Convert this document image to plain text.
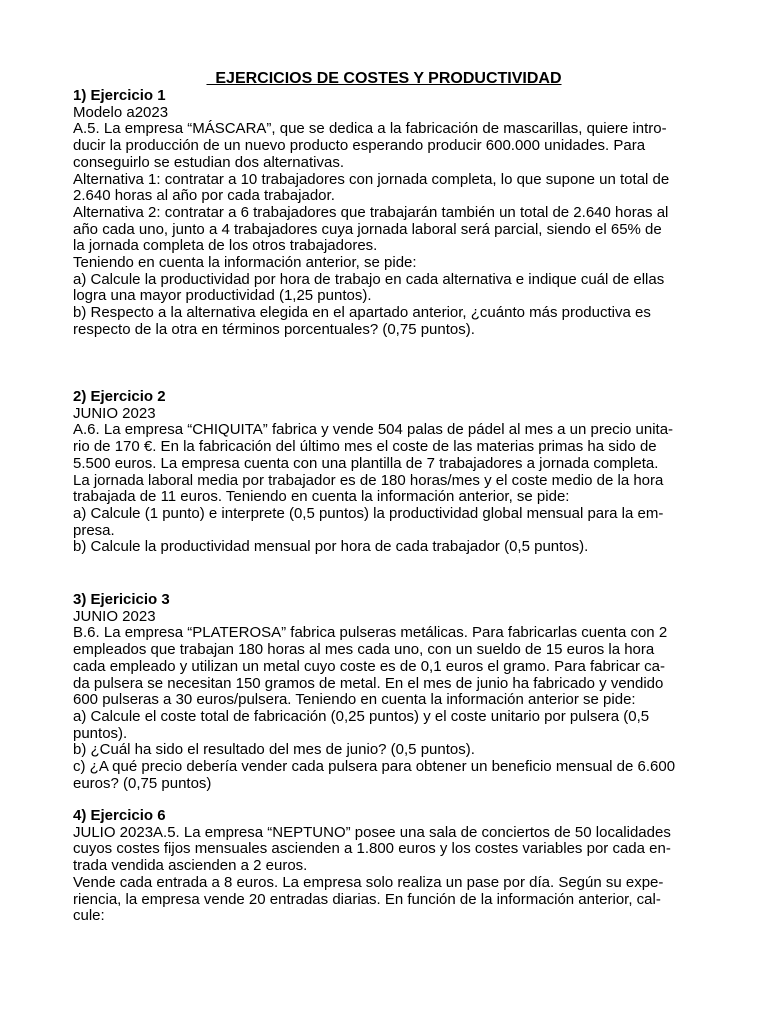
EJERCICIOS DE COSTES Y PRODUCTIVIDAD
1) Ejercicio 1
Modelo a2023
A.5. La empresa “MÁSCARA”, que se dedica a la fabricación de mascarillas, quiere intro-
ducir la producción de un nuevo producto esperando producir 600.000 unidades. Para
conseguirlo se estudian dos alternativas.
Alternativa 1: contratar a 10 trabajadores con jornada completa, lo que supone un total de
2.640 horas al año por cada trabajador.
Alternativa 2: contratar a 6 trabajadores que trabajarán también un total de 2.640 horas al
año cada uno, junto a 4 trabajadores cuya jornada laboral será parcial, siendo el 65% de
la jornada completa de los otros trabajadores.
Teniendo en cuenta la información anterior, se pide:
a) Calcule la productividad por hora de trabajo en cada alternativa e indique cuál de ellas
logra una mayor productividad (1,25 puntos).
b) Respecto a la alternativa elegida en el apartado anterior, ¿cuánto más productiva es
respecto de la otra en términos porcentuales? (0,75 puntos).
2) Ejercicio 2
JUNIO 2023
A.6. La empresa “CHIQUITA” fabrica y vende 504 palas de pádel al mes a un precio unita-
rio de 170 €. En la fabricación del último mes el coste de las materias primas ha sido de
5.500 euros. La empresa cuenta con una plantilla de 7 trabajadores a jornada completa.
La jornada laboral media por trabajador es de 180 horas/mes y el coste medio de la hora
trabajada de 11 euros. Teniendo en cuenta la información anterior, se pide:
a) Calcule (1 punto) e interprete (0,5 puntos) la productividad global mensual para la em-
presa.
b) Calcule la productividad mensual por hora de cada trabajador (0,5 puntos).
3) Ejericicio 3
JUNIO 2023
B.6. La empresa “PLATEROSA” fabrica pulseras metálicas. Para fabricarlas cuenta con 2
empleados que trabajan 180 horas al mes cada uno, con un sueldo de 15 euros la hora
cada empleado y utilizan un metal cuyo coste es de 0,1 euros el gramo. Para fabricar ca-
da pulsera se necesitan 150 gramos de metal. En el mes de junio ha fabricado y vendido
600 pulseras a 30 euros/pulsera. Teniendo en cuenta la información anterior se pide:
a) Calcule el coste total de fabricación (0,25 puntos) y el coste unitario por pulsera (0,5
puntos).
b) ¿Cuál ha sido el resultado del mes de junio? (0,5 puntos).
c) ¿A qué precio debería vender cada pulsera para obtener un beneficio mensual de 6.600
euros? (0,75 puntos)
4) Ejercicio 6
JULIO 2023A.5. La empresa “NEPTUNO” posee una sala de conciertos de 50 localidades
cuyos costes fijos mensuales ascienden a 1.800 euros y los costes variables por cada en-
trada vendida ascienden a 2 euros.
Vende cada entrada a 8 euros. La empresa solo realiza un pase por día. Según su expe-
riencia, la empresa vende 20 entradas diarias. En función de la información anterior, cal-
cule:
